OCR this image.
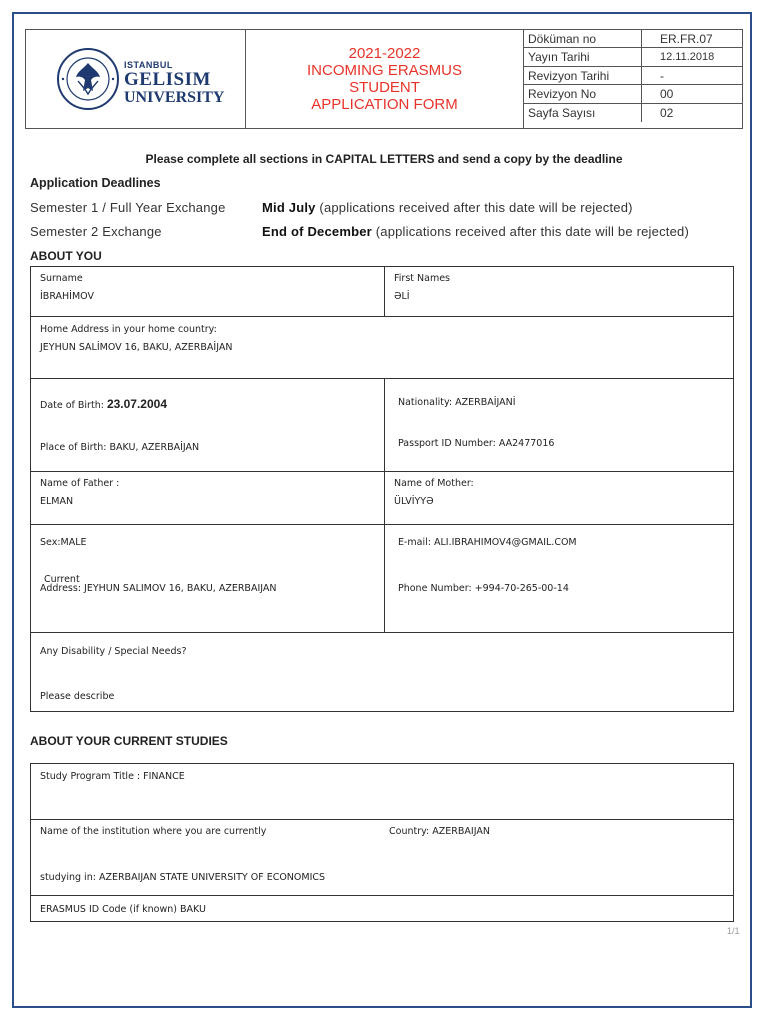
ISTANBUL
GELISIM
UNIVERSITY
2021-2022
INCOMING ERASMUS
STUDENT
APPLICATION FORM
Döküman no	ER.FR.07
Yayın Tarihi	12.11.2018
Revizyon Tarihi	-
Revizyon No	00
Sayfa Sayısı	02
Please complete all sections in CAPITAL LETTERS and send a copy by the deadline
Application Deadlines
Semester 1 / Full Year Exchange	Mid July (applications received after this date will be rejected)
Semester 2 Exchange	End of December (applications received after this date will be rejected)
ABOUT YOU
Surname
İBRAHİMOV
First Names
ƏLİ
Home Address in your home country:
JEYHUN SALİMOV 16, BAKU, AZERBAİJAN
Date of Birth: 23.07.2004
Place of Birth: BAKU, AZERBAİJAN
Nationality: AZERBAİJANİ
Passport ID Number: AA2477016
Name of Father :
ELMAN
Name of Mother:
ÜLVİYYƏ
Sex:MALE	E-mail: ALI.IBRAHIMOV4@GMAIL.COM
Current
Address: JEYHUN SALIMOV 16, BAKU, AZERBAIJAN	Phone Number: +994-70-265-00-14
Any Disability / Special Needs?
Please describe
ABOUT YOUR CURRENT STUDIES
Study Program Title : FINANCE
Name of the institution where you are currently	Country: AZERBAIJAN
studying in: AZERBAIJAN STATE UNIVERSITY OF ECONOMICS
ERASMUS ID Code (if known) BAKU
1/1
